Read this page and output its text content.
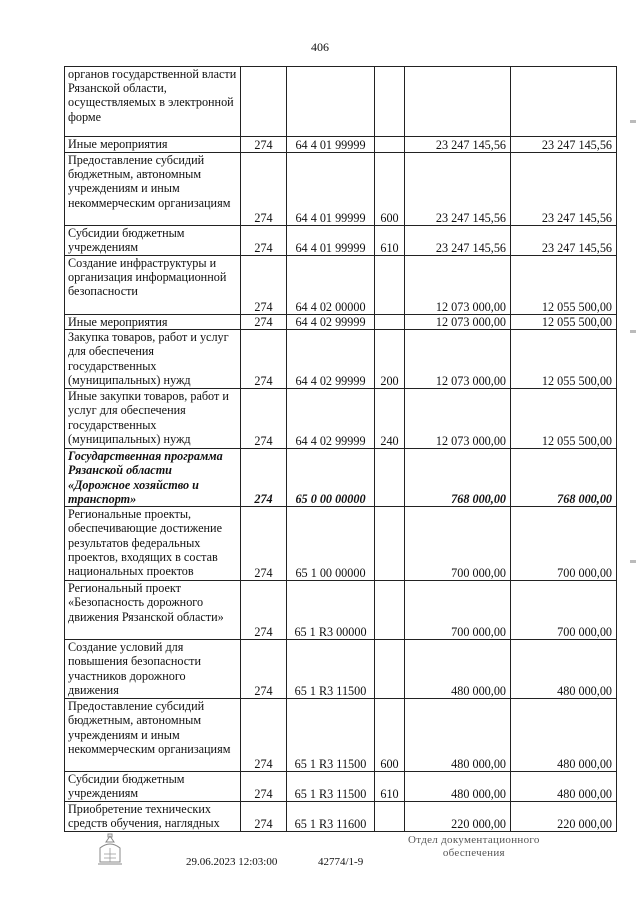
406
органов государственной власти Рязанской области, осуществляемых в электронной форме					
Иные мероприятия	274	64 4 01 99999		23 247 145,56	23 247 145,56
Предоставление субсидий бюджетным, автономным учреждениям и иным некоммерческим организациям	274	64 4 01 99999	600	23 247 145,56	23 247 145,56
Субсидии бюджетным учреждениям	274	64 4 01 99999	610	23 247 145,56	23 247 145,56
Создание инфраструктуры и организация информационной безопасности	274	64 4 02 00000		12 073 000,00	12 055 500,00
Иные мероприятия	274	64 4 02 99999		12 073 000,00	12 055 500,00
Закупка товаров, работ и услуг для обеспечения государственных (муниципальных) нужд	274	64 4 02 99999	200	12 073 000,00	12 055 500,00
Иные закупки товаров, работ и услуг для обеспечения государственных (муниципальных) нужд	274	64 4 02 99999	240	12 073 000,00	12 055 500,00
Государственная программа Рязанской области «Дорожное хозяйство и транспорт»	274	65 0 00 00000		768 000,00	768 000,00
Региональные проекты, обеспечивающие достижение результатов федеральных проектов, входящих в состав национальных проектов	274	65 1 00 00000		700 000,00	700 000,00
Региональный проект «Безопасность дорожного движения Рязанской области»	274	65 1 R3 00000		700 000,00	700 000,00
Создание условий для повышения безопасности участников дорожного движения	274	65 1 R3 11500		480 000,00	480 000,00
Предоставление субсидий бюджетным, автономным учреждениям и иным некоммерческим организациям	274	65 1 R3 11500	600	480 000,00	480 000,00
Субсидии бюджетным учреждениям	274	65 1 R3 11500	610	480 000,00	480 000,00
Приобретение технических средств обучения, наглядных	274	65 1 R3 11600		220 000,00	220 000,00
29.06.2023 12:03:00	42774/1-9
Отдел документационного
обеспечения
